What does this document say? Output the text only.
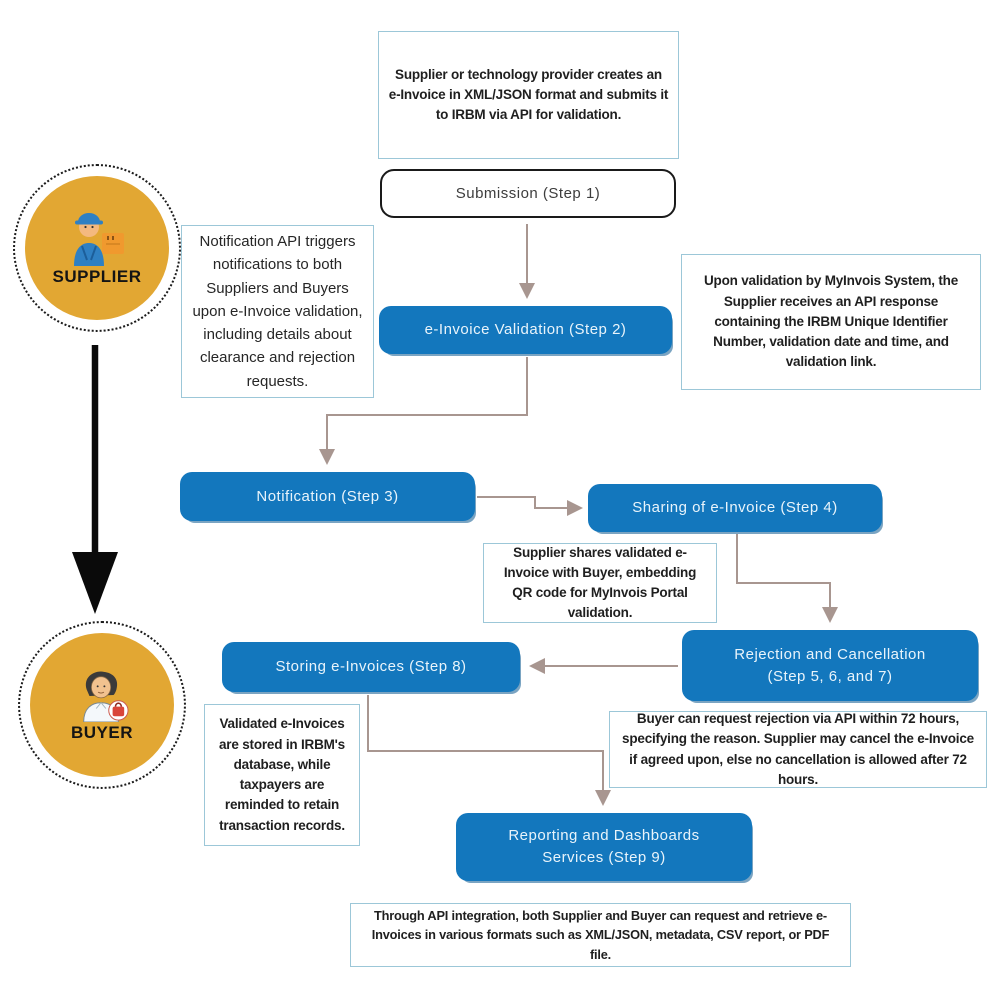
Supplier or technology provider creates an e-Invoice in XML/JSON format and submits it to IRBM via API for validation.
Submission (Step 1)
SUPPLIER
Notification API triggers notifications to both Suppliers and Buyers upon e-Invoice validation, including details about clearance and rejection requests.
e-Invoice Validation (Step 2)
Upon validation by MyInvois System, the Supplier receives an API response containing the IRBM Unique Identifier Number, validation date and time, and validation link.
Notification (Step 3)
Sharing of e-Invoice (Step 4)
Supplier shares validated e-Invoice with Buyer, embedding QR code for MyInvois Portal validation.
Rejection and Cancellation (Step 5, 6, and 7)
Storing e-Invoices (Step 8)
BUYER	Validated e-Invoices are stored in IRBM's database, while taxpayers are reminded to retain transaction records.
Buyer can request rejection via API within 72 hours, specifying the reason. Supplier may cancel the e-Invoice if agreed upon, else no cancellation is allowed after 72 hours.
Reporting and Dashboards Services (Step 9)
Through API integration, both Supplier and Buyer can request and retrieve e-Invoices in various formats such as XML/JSON, metadata, CSV report, or PDF file.
